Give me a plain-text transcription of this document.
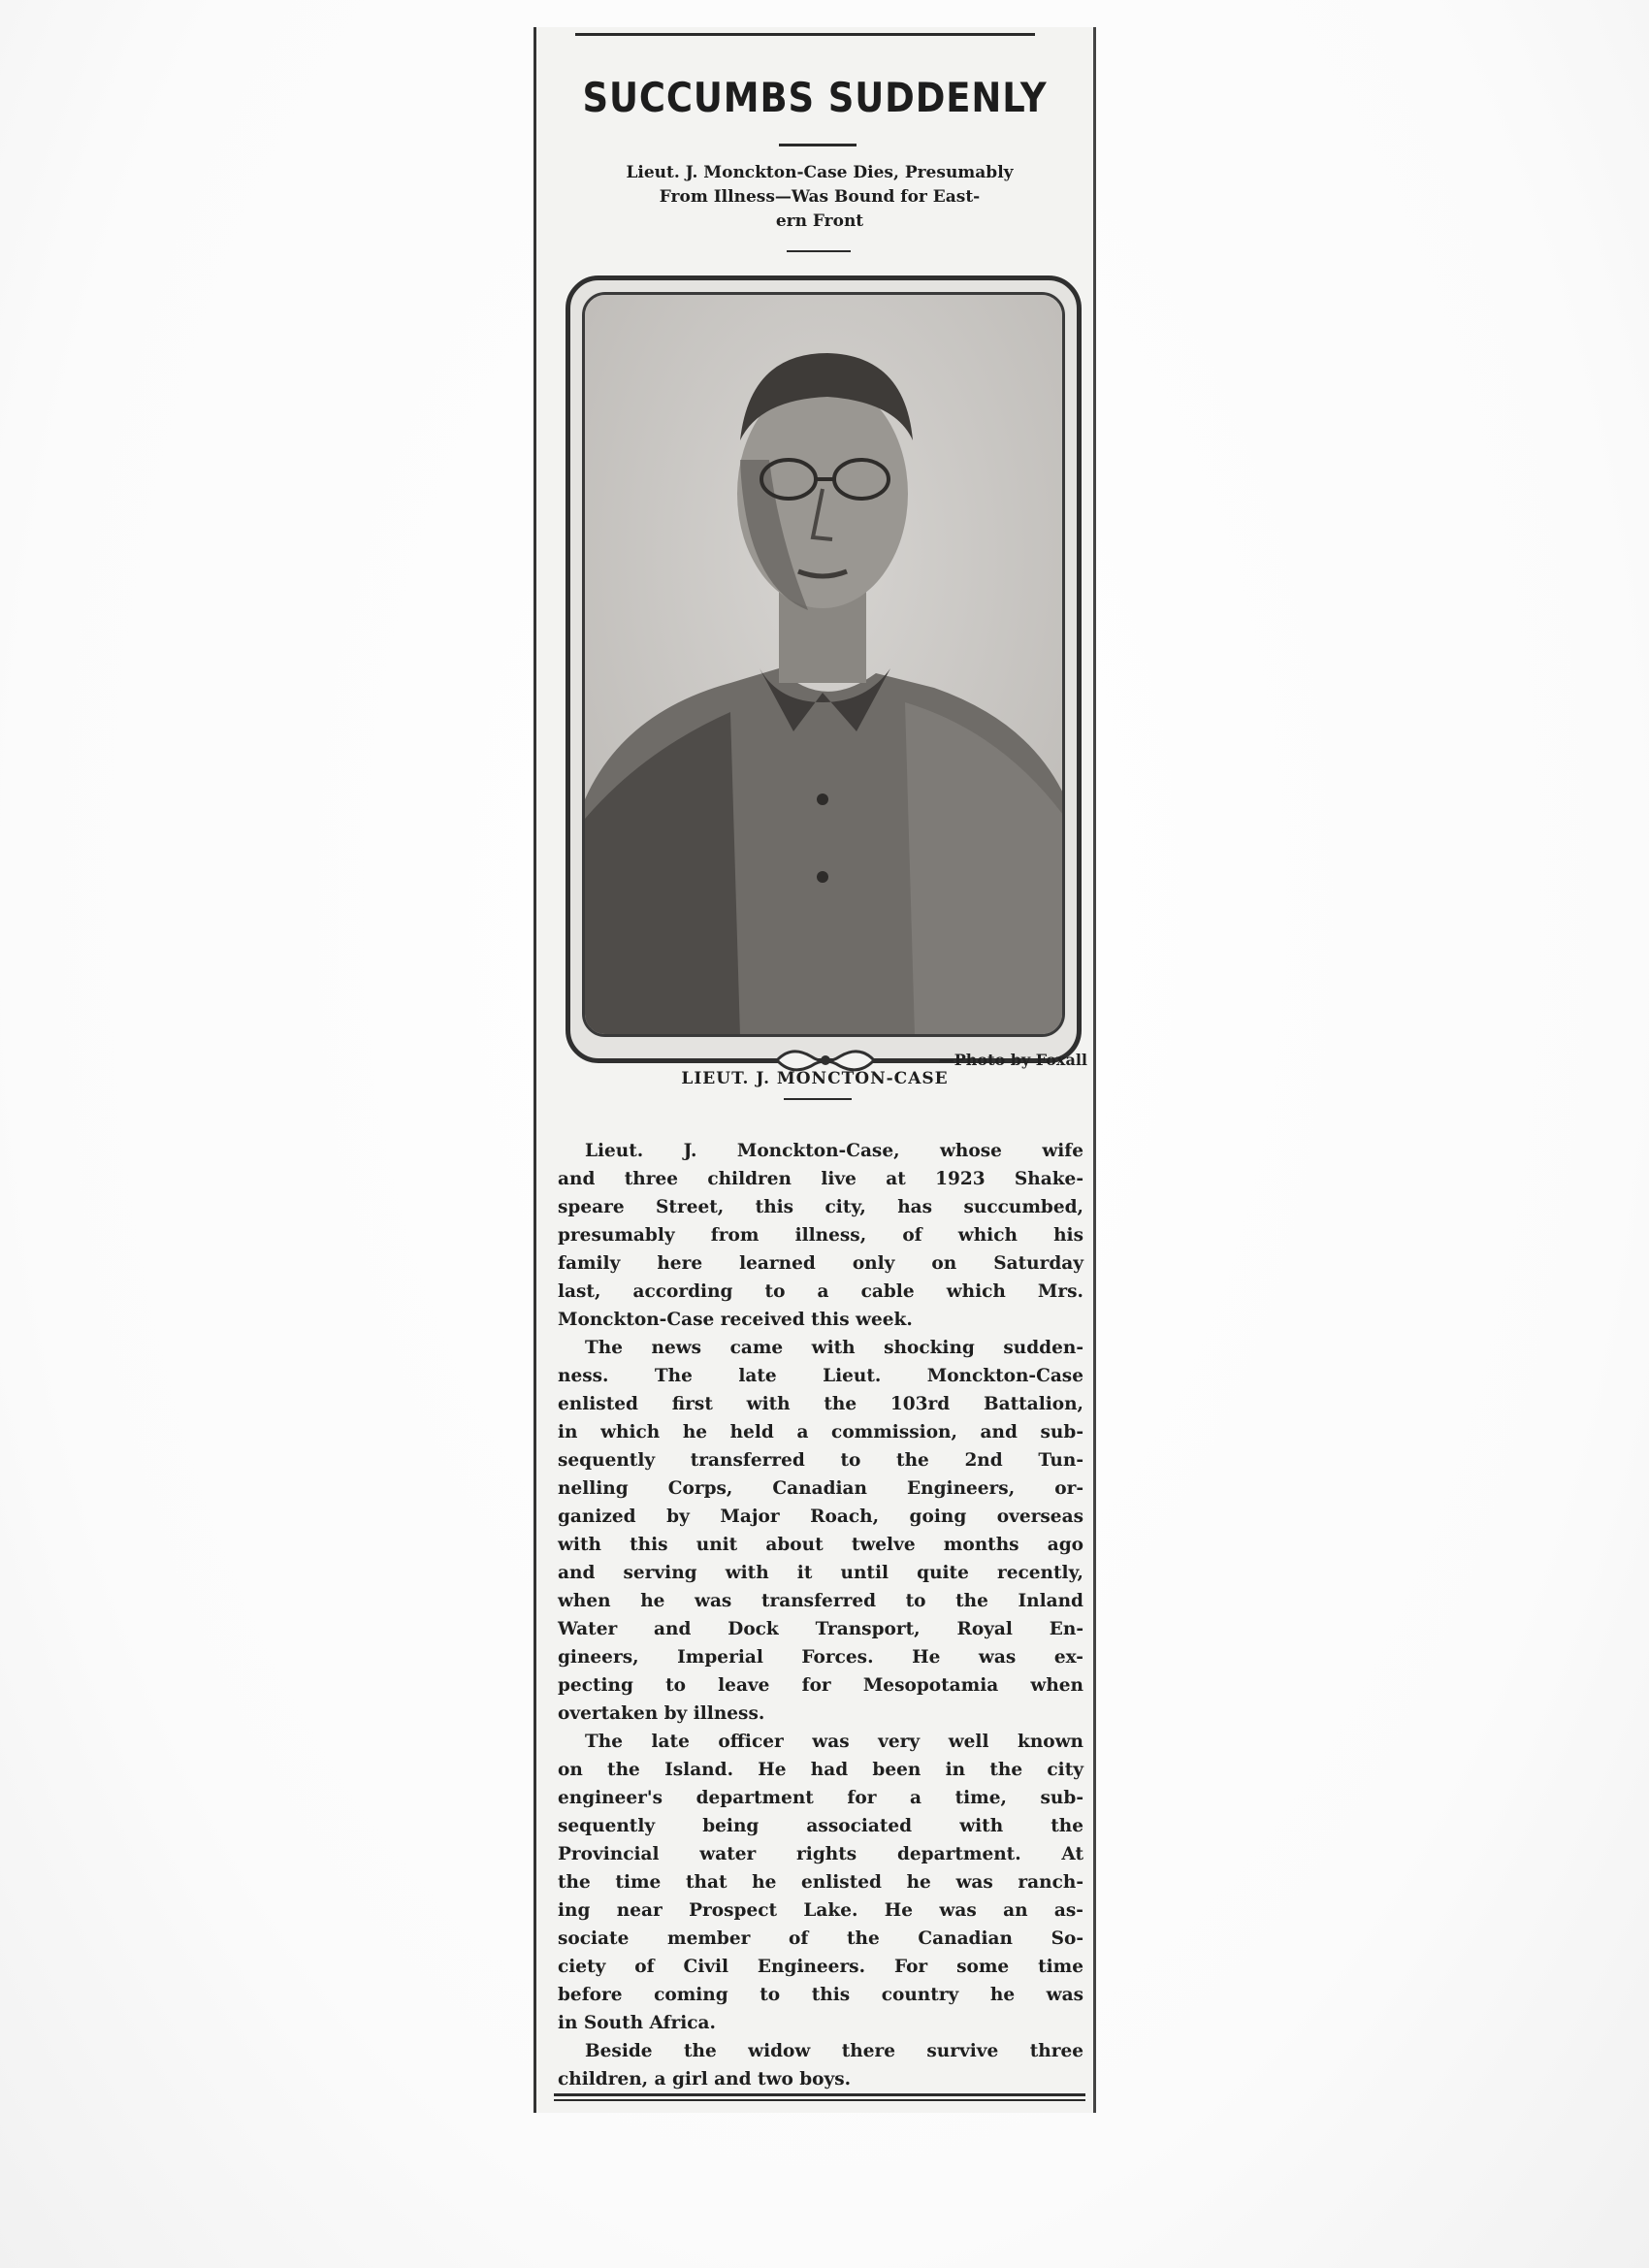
SUCCUMBS SUDDENLY
Lieut. J. Monckton-Case Dies, Presumably
From Illness—Was Bound for East-
ern Front
—Photo by Foxall
LIEUT. J. MONCTON-CASE
Lieut. J. Monckton-Case, whose wife
and three children live at 1923 Shake-
speare Street, this city, has succumbed,
presumably from illness, of which his
family here learned only on Saturday
last, according to a cable which Mrs.
Monckton-Case received this week.
The news came with shocking sudden-
ness. The late Lieut. Monckton-Case
enlisted first with the 103rd Battalion,
in which he held a commission, and sub-
sequently transferred to the 2nd Tun-
nelling Corps, Canadian Engineers, or-
ganized by Major Roach, going overseas
with this unit about twelve months ago
and serving with it until quite recently,
when he was transferred to the Inland
Water and Dock Transport, Royal En-
gineers, Imperial Forces. He was ex-
pecting to leave for Mesopotamia when
overtaken by illness.
The late officer was very well known
on the Island. He had been in the city
engineer's department for a time, sub-
sequently being associated with the
Provincial water rights department. At
the time that he enlisted he was ranch-
ing near Prospect Lake. He was an as-
sociate member of the Canadian So-
ciety of Civil Engineers. For some time
before coming to this country he was
in South Africa.
Beside the widow there survive three
children, a girl and two boys.
